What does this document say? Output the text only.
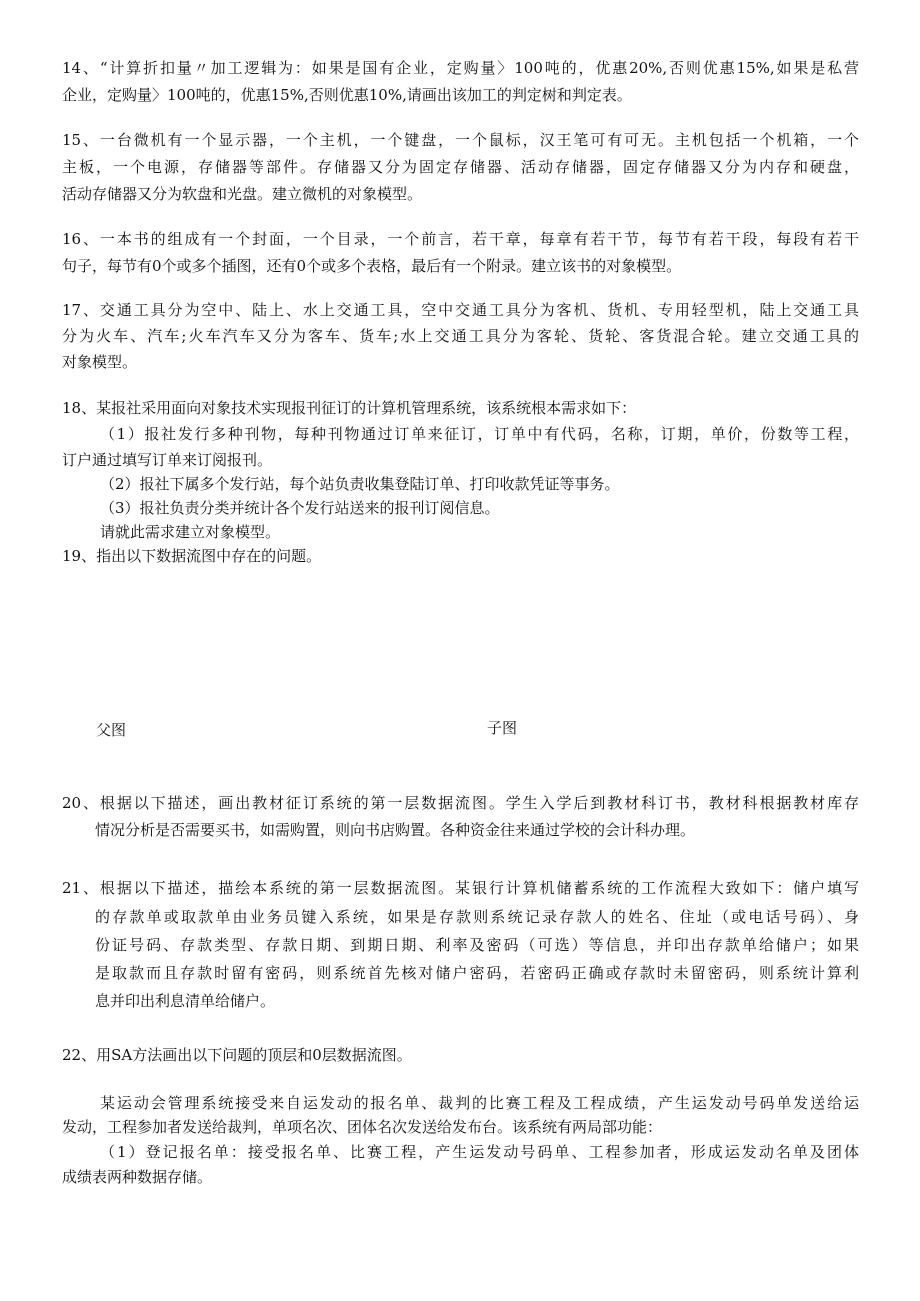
14、“计算折扣量〃加工逻辑为：如果是国有企业，定购量〉100吨的，优惠20%,否则优惠15%,如果是私营
企业，定购量〉100吨的，优惠15%,否则优惠10%,请画出该加工的判定树和判定表。
15、一台微机有一个显示器，一个主机，一个键盘，一个鼠标，汉王笔可有可无。主机包括一个机箱，一个
主板，一个电源，存储器等部件。存储器又分为固定存储器、活动存储器，固定存储器又分为内存和硬盘，
活动存储器又分为软盘和光盘。建立微机的对象模型。
16、一本书的组成有一个封面，一个目录，一个前言，若干章，每章有若干节，每节有若干段，每段有若干
句子，每节有0个或多个插图，还有0个或多个表格，最后有一个附录。建立该书的对象模型。
17、交通工具分为空中、陆上、水上交通工具，空中交通工具分为客机、货机、专用轻型机，陆上交通工具
分为火车、汽车;火车汽车又分为客车、货车;水上交通工具分为客轮、货轮、客货混合轮。建立交通工具的
对象模型。
18、某报社采用面向对象技术实现报刊征订的计算机管理系统，该系统根本需求如下：
（1）报社发行多种刊物，每种刊物通过订单来征订，订单中有代码，名称，订期，单价，份数等工程，
订户通过填写订单来订阅报刊。
（2）报社下属多个发行站，每个站负责收集登陆订单、打印收款凭证等事务。
（3）报社负责分类并统计各个发行站送来的报刊订阅信息。
请就此需求建立对象模型。
19、指出以下数据流图中存在的问题。
父图	子图
20、根据以下描述，画出教材征订系统的第一层数据流图。学生入学后到教材科订书，教材科根据教材库存
情况分析是否需要买书，如需购置，则向书店购置。各种资金往来通过学校的会计科办理。
21、根据以下描述，描绘本系统的第一层数据流图。某银行计算机储蓄系统的工作流程大致如下：储户填写
的存款单或取款单由业务员键入系统，如果是存款则系统记录存款人的姓名、住址（或电话号码）、身
份证号码、存款类型、存款日期、到期日期、利率及密码（可选）等信息，并印出存款单给储户；如果
是取款而且存款时留有密码，则系统首先核对储户密码，若密码正确或存款时未留密码，则系统计算利
息并印出利息清单给储户。
22、用SA方法画出以下问题的顶层和0层数据流图。
某运动会管理系统接受来自运发动的报名单、裁判的比赛工程及工程成绩，产生运发动号码单发送给运
发动，工程参加者发送给裁判，单项名次、团体名次发送给发布台。该系统有两局部功能：
（1）登记报名单：接受报名单、比赛工程，产生运发动号码单、工程参加者，形成运发动名单及团体
成绩表两种数据存储。
